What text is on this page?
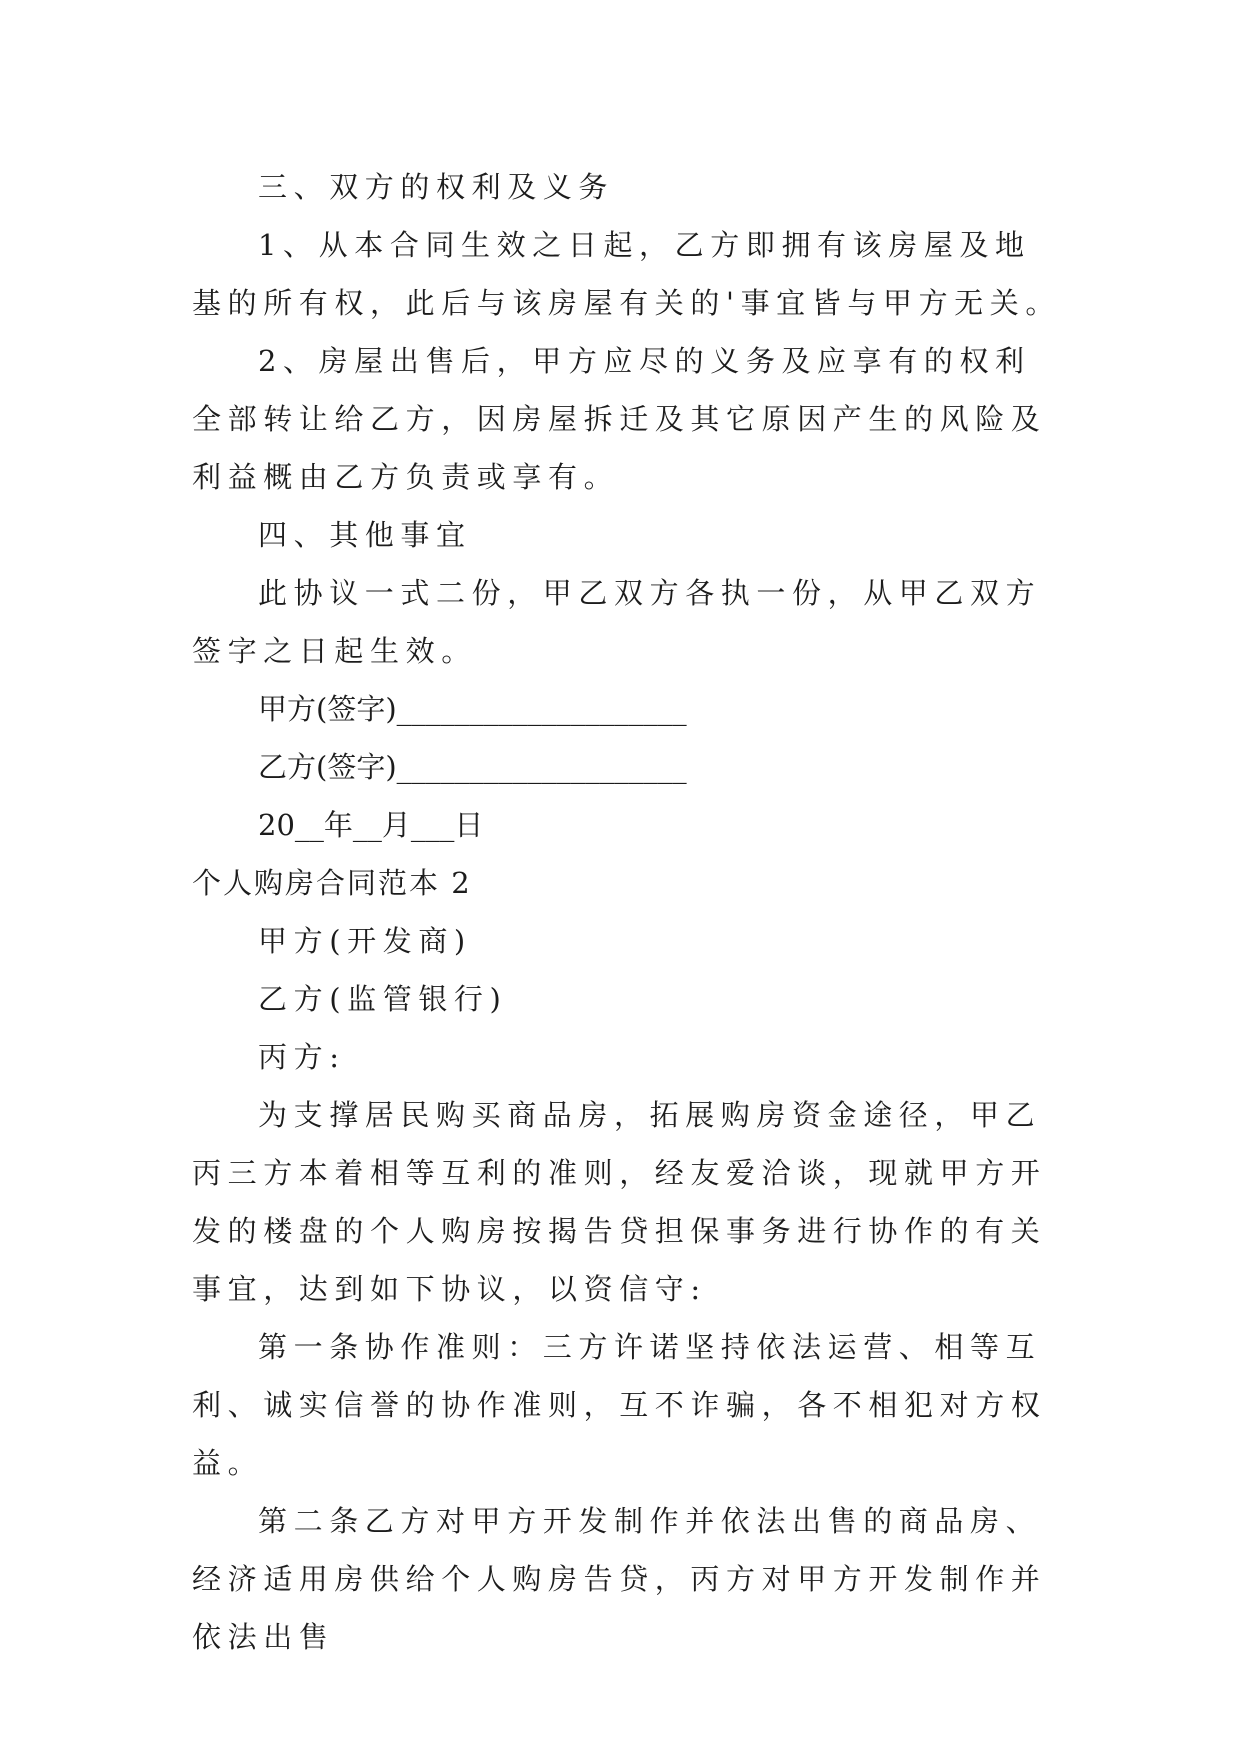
三、双方的权利及义务

1、从本合同生效之日起，乙方即拥有该房屋及地基的所有权，此后与该房屋有关的'事宜皆与甲方无关。

2、房屋出售后，甲方应尽的义务及应享有的权利全部转让给乙方，因房屋拆迁及其它原因产生的风险及利益概由乙方负责或享有。

四、其他事宜

此协议一式二份，甲乙双方各执一份，从甲乙双方签字之日起生效。

甲方(签字)____________________

乙方(签字)____________________

20__年__月___日

个人购房合同范本 2

甲方(开发商)

乙方(监管银行)

丙方:

为支撑居民购买商品房，拓展购房资金途径，甲乙丙三方本着相等互利的准则，经友爱洽谈，现就甲方开发的楼盘的个人购房按揭告贷担保事务进行协作的有关事宜，达到如下协议，以资信守:

第一条协作准则：三方许诺坚持依法运营、相等互利、诚实信誉的协作准则，互不诈骗，各不相犯对方权益。

第二条乙方对甲方开发制作并依法出售的商品房、经济适用房供给个人购房告贷，丙方对甲方开发制作并依法出售
